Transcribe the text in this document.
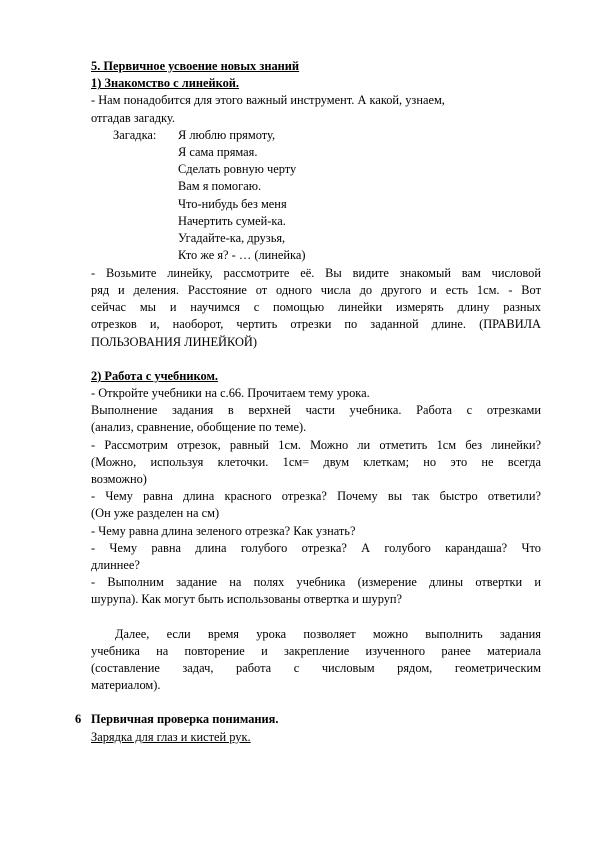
5. Первичное усвоение новых знаний
1) Знакомство с линейкой.
- Нам понадобится для этого важный инструмент. А какой, узнаем,
отгадав загадку.
Загадка: Я люблю прямоту,
Я сама прямая.
Сделать ровную черту
Вам я помогаю.
Что-нибудь без меня
Начертить сумей-ка.
Угадайте-ка, друзья,
Кто же я? - … (линейка)
- Возьмите линейку, рассмотрите её. Вы видите знакомый вам числовой
ряд и деления. Расстояние от одного числа до другого и есть 1см. - Вот
сейчас мы и научимся с помощью линейки измерять длину разных
отрезков и, наоборот, чертить отрезки по заданной длине. (ПРАВИЛА
ПОЛЬЗОВАНИЯ ЛИНЕЙКОЙ)
2) Работа с учебником.
- Откройте учебники на с.66. Прочитаем тему урока.
Выполнение задания в верхней части учебника. Работа с отрезками
(анализ, сравнение, обобщение по теме).
- Рассмотрим отрезок, равный 1см. Можно ли отметить 1см без линейки?
(Можно, используя клеточки. 1см= двум клеткам; но это не всегда
возможно)
- Чему равна длина красного отрезка? Почему вы так быстро ответили?
(Он уже разделен на см)
- Чему равна длина зеленого отрезка? Как узнать?
- Чему равна длина голубого отрезка? А голубого карандаша? Что
длиннее?
- Выполним задание на полях учебника (измерение длины отвертки и
шурупа). Как могут быть использованы отвертка и шуруп?
Далее, если время урока позволяет можно выполнить задания
учебника на повторение и закрепление изученного ранее материала
(составление задач, работа с числовым рядом, геометрическим
материалом).
6 Первичная проверка понимания.
Зарядка для глаз и кистей рук.
